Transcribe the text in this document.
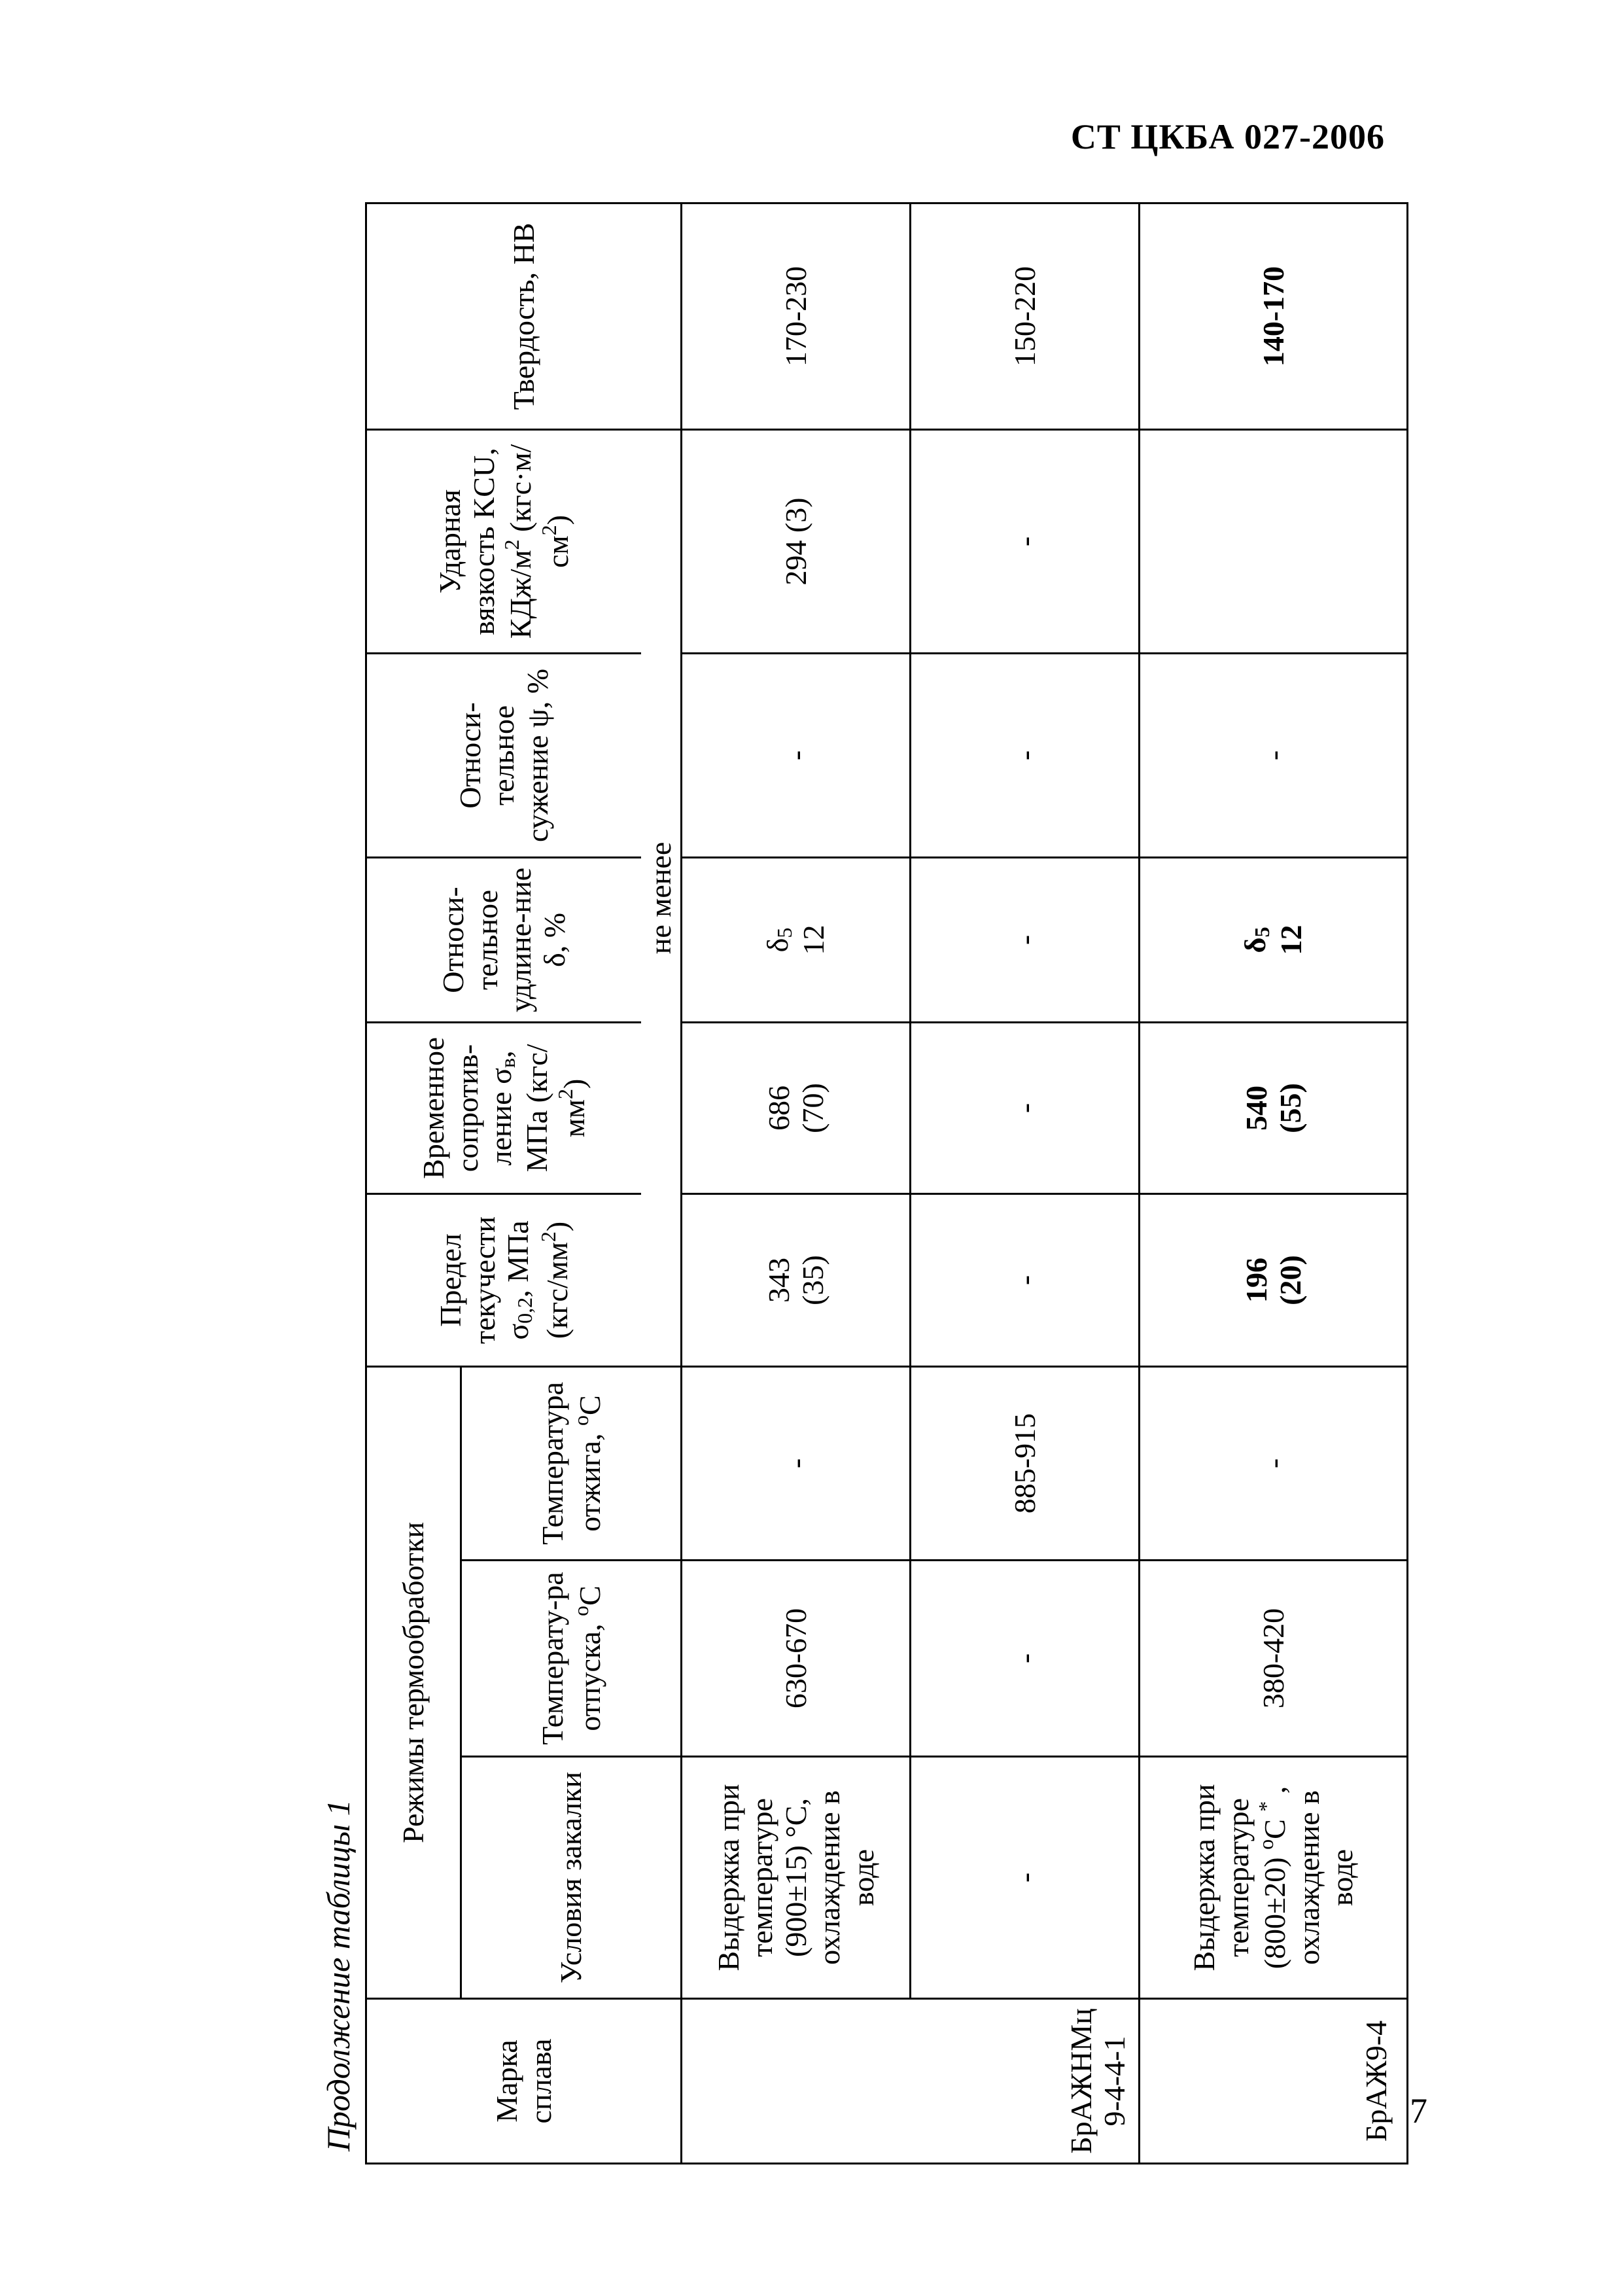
СТ ЦКБА 027-2006
Продолжение таблицы 1	Марка сплава	Режимы термообработки			Предел текучести σ0,2, МПа $(кгс/мм^2)$	Временное сопротив-ление σв, МПа $(кгс/мм^2)$	Относи-тельное удлине-ние δ, %	Относи-тельное сужение ψ, %	Ударная вязкость KCU, КДж/$м^2$ $(кгс\cdot м/см^2)$	Твердость, НВ
	Условия закалки	Температу-ра отпуска, $^о$С	Температура отжига, $^о$С						
				не менее					
БрАЖНМц 9-4-4-1	Выдержка при температуре (900±15) °С, охлаждение в воде	630-670	-	343 (35)	686 (70)	δ5 12	-	294 (3)	170-230
	-	-	885-915	-	-	-	-	-	150-220
БрАЖ9-4	Выдержка при температуре (800±20) $^о$С * , охлаждение в воде	380-420	-	196 (20)	540 (55)	δ5 12	-		140-170
7
